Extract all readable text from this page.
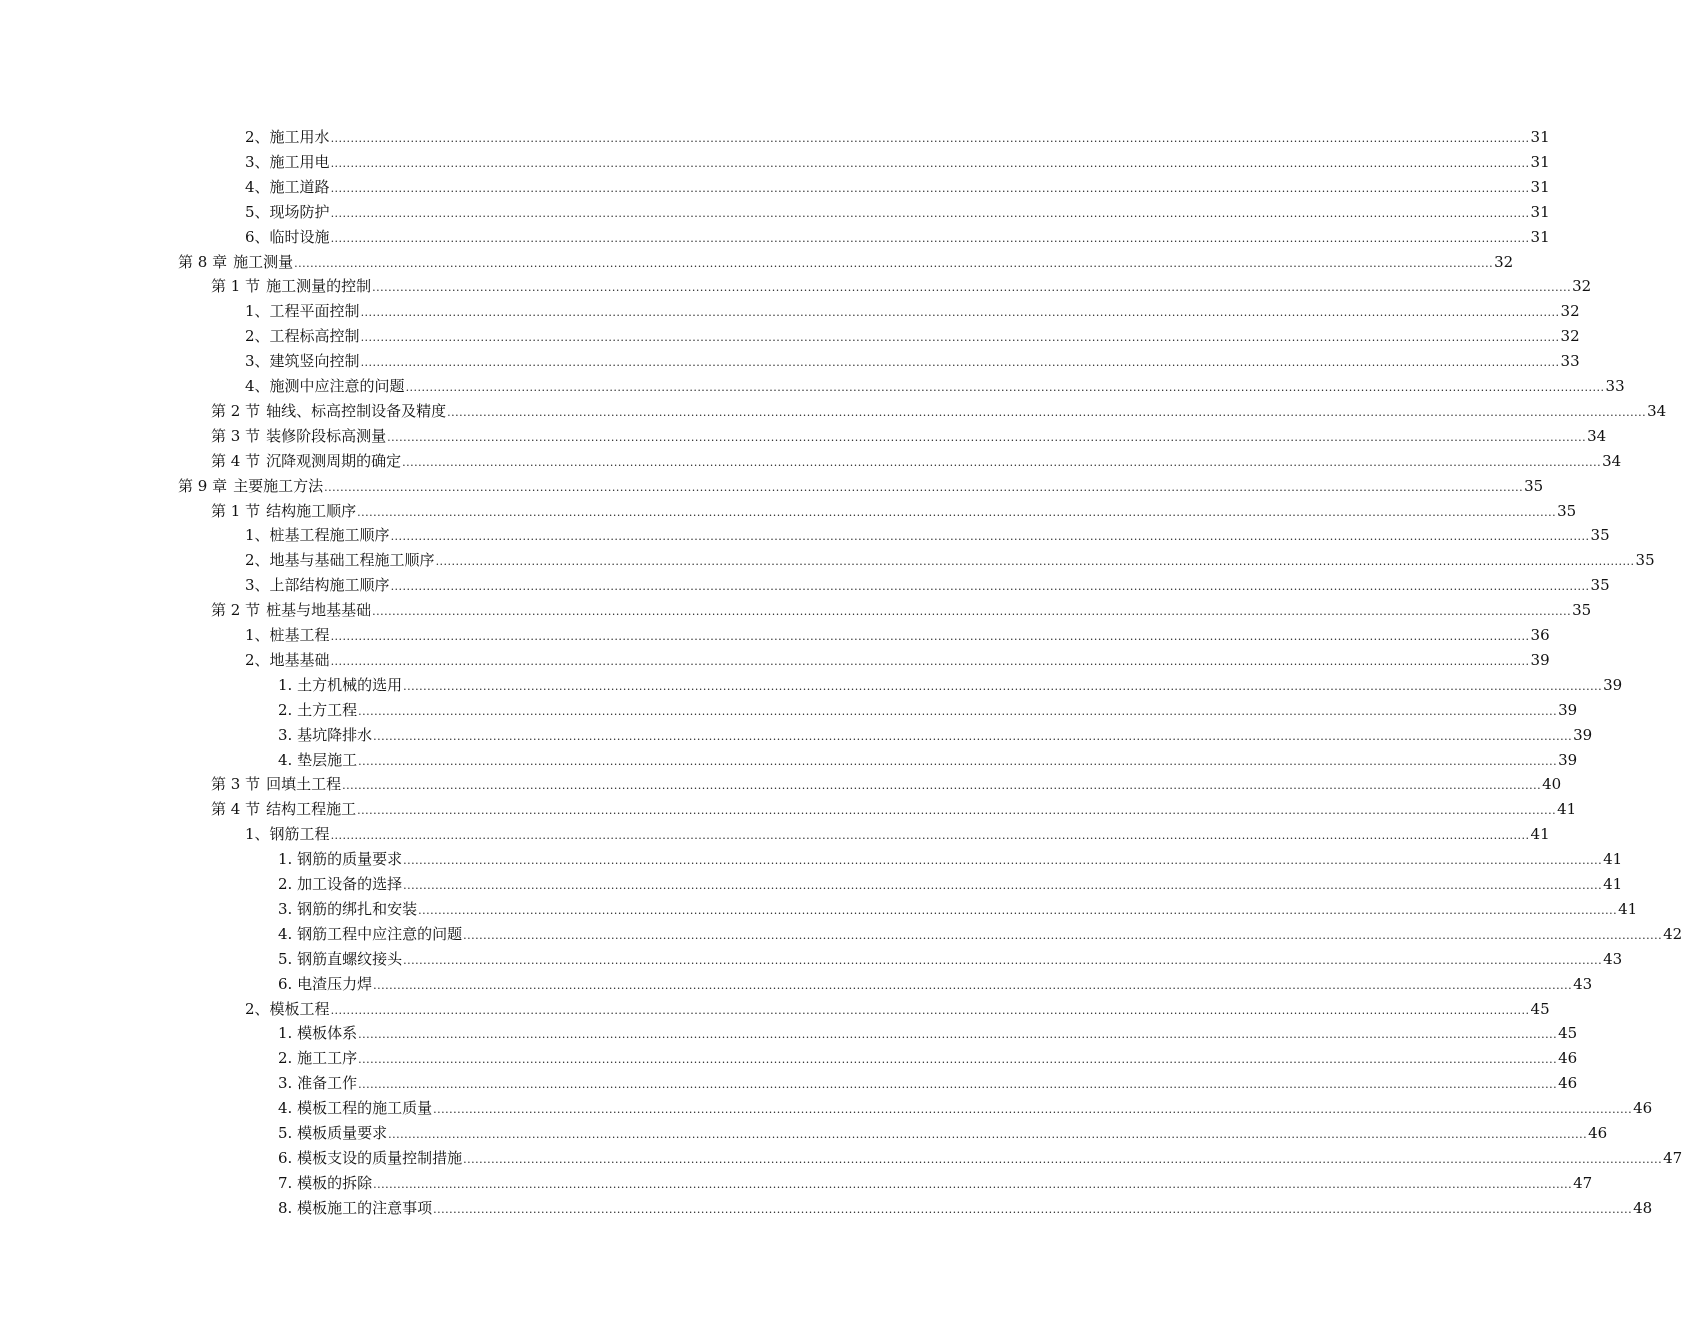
2、 施工用水 ............................................................................................................................................................................................................................................................................................................ 31
3、 施工用电 ............................................................................................................................................................................................................................................................................................................ 31
4、 施工道路 ............................................................................................................................................................................................................................................................................................................ 31
5、 现场防护 ............................................................................................................................................................................................................................................................................................................ 31
6、 临时设施 ............................................................................................................................................................................................................................................................................................................ 31
第 8 章 施工测量 ............................................................................................................................................................................................................................................................................................................ 32
第 1 节 施工测量的控制 ............................................................................................................................................................................................................................................................................................................ 32
1、 工程平面控制 ............................................................................................................................................................................................................................................................................................................ 32
2、 工程标高控制 ............................................................................................................................................................................................................................................................................................................ 32
3、 建筑竖向控制 ............................................................................................................................................................................................................................................................................................................ 33
4、 施测中应注意的问题 ............................................................................................................................................................................................................................................................................................................ 33
第 2 节 轴线、标高控制设备及精度 ............................................................................................................................................................................................................................................................................................................ 34
第 3 节 装修阶段标高测量 ............................................................................................................................................................................................................................................................................................................ 34
第 4 节 沉降观测周期的确定 ............................................................................................................................................................................................................................................................................................................ 34
第 9 章 主要施工方法 ............................................................................................................................................................................................................................................................................................................ 35
第 1 节 结构施工顺序 ............................................................................................................................................................................................................................................................................................................ 35
1、 桩基工程施工顺序 ............................................................................................................................................................................................................................................................................................................ 35
2、 地基与基础工程施工顺序 ............................................................................................................................................................................................................................................................................................................ 35
3、 上部结构施工顺序 ............................................................................................................................................................................................................................................................................................................ 35
第 2 节 桩基与地基基础 ............................................................................................................................................................................................................................................................................................................ 35
1、 桩基工程 ............................................................................................................................................................................................................................................................................................................ 36
2、 地基基础 ............................................................................................................................................................................................................................................................................................................ 39
1. 土方机械的选用 ............................................................................................................................................................................................................................................................................................................ 39
2. 土方工程 ............................................................................................................................................................................................................................................................................................................ 39
3. 基坑降排水 ............................................................................................................................................................................................................................................................................................................ 39
4. 垫层施工 ............................................................................................................................................................................................................................................................................................................ 39
第 3 节 回填土工程 ............................................................................................................................................................................................................................................................................................................ 40
第 4 节 结构工程施工 ............................................................................................................................................................................................................................................................................................................ 41
1、 钢筋工程 ............................................................................................................................................................................................................................................................................................................ 41
1. 钢筋的质量要求 ............................................................................................................................................................................................................................................................................................................ 41
2. 加工设备的选择 ............................................................................................................................................................................................................................................................................................................ 41
3. 钢筋的绑扎和安装 ............................................................................................................................................................................................................................................................................................................ 41
4. 钢筋工程中应注意的问题 ............................................................................................................................................................................................................................................................................................................ 42
5. 钢筋直螺纹接头 ............................................................................................................................................................................................................................................................................................................ 43
6. 电渣压力焊 ............................................................................................................................................................................................................................................................................................................ 43
2、 模板工程 ............................................................................................................................................................................................................................................................................................................ 45
1. 模板体系 ............................................................................................................................................................................................................................................................................................................ 45
2. 施工工序 ............................................................................................................................................................................................................................................................................................................ 46
3. 准备工作 ............................................................................................................................................................................................................................................................................................................ 46
4. 模板工程的施工质量 ............................................................................................................................................................................................................................................................................................................ 46
5. 模板质量要求 ............................................................................................................................................................................................................................................................................................................ 46
6. 模板支设的质量控制措施 ............................................................................................................................................................................................................................................................................................................ 47
7. 模板的拆除 ............................................................................................................................................................................................................................................................................................................ 47
8. 模板施工的注意事项 ............................................................................................................................................................................................................................................................................................................ 48
